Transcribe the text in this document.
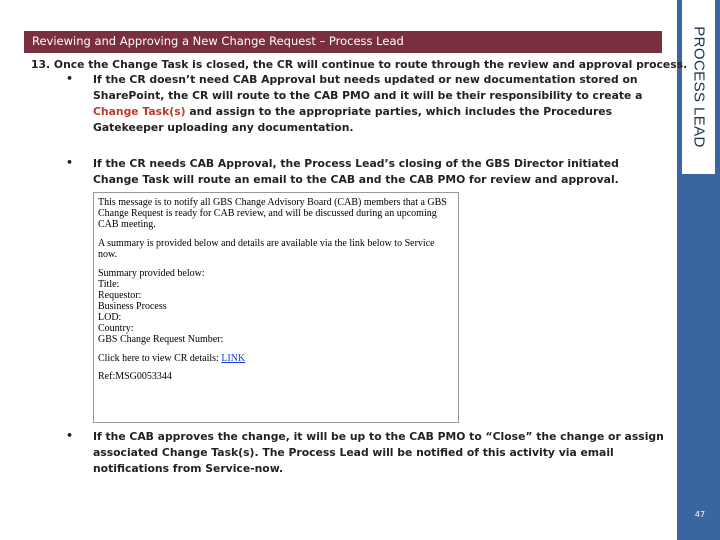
Reviewing and Approving a New Change Request – Process Lead	PROCESS LEAD
47
13. Once the Change Task is closed, the CR will continue to route through the review and approval process.
• If the CR doesn’t need CAB Approval but needs updated or new documentation stored on SharePoint, the CR will route to the CAB PMO and it will be their responsibility to create a Change Task(s) and assign to the appropriate parties, which includes the Procedures Gatekeeper uploading any documentation.
• If the CR needs CAB Approval, the Process Lead’s closing of the GBS Director initiated Change Task will route an email to the CAB and the CAB PMO for review and approval.
This message is to notify all GBS Change Advisory Board (CAB) members that a GBS Change Request is ready for CAB review, and will be discussed during an upcoming CAB meeting.
A summary is provided below and details are available via the link below to Service now.
Summary provided below:
Title:
Requestor:
Business Process
LOD:
Country:
GBS Change Request Number:
Click here to view CR details: LINK
Ref:MSG0053344
• If the CAB approves the change, it will be up to the CAB PMO to “Close” the change or assign associated Change Task(s). The Process Lead will be notified of this activity via email notifications from Service-now.
